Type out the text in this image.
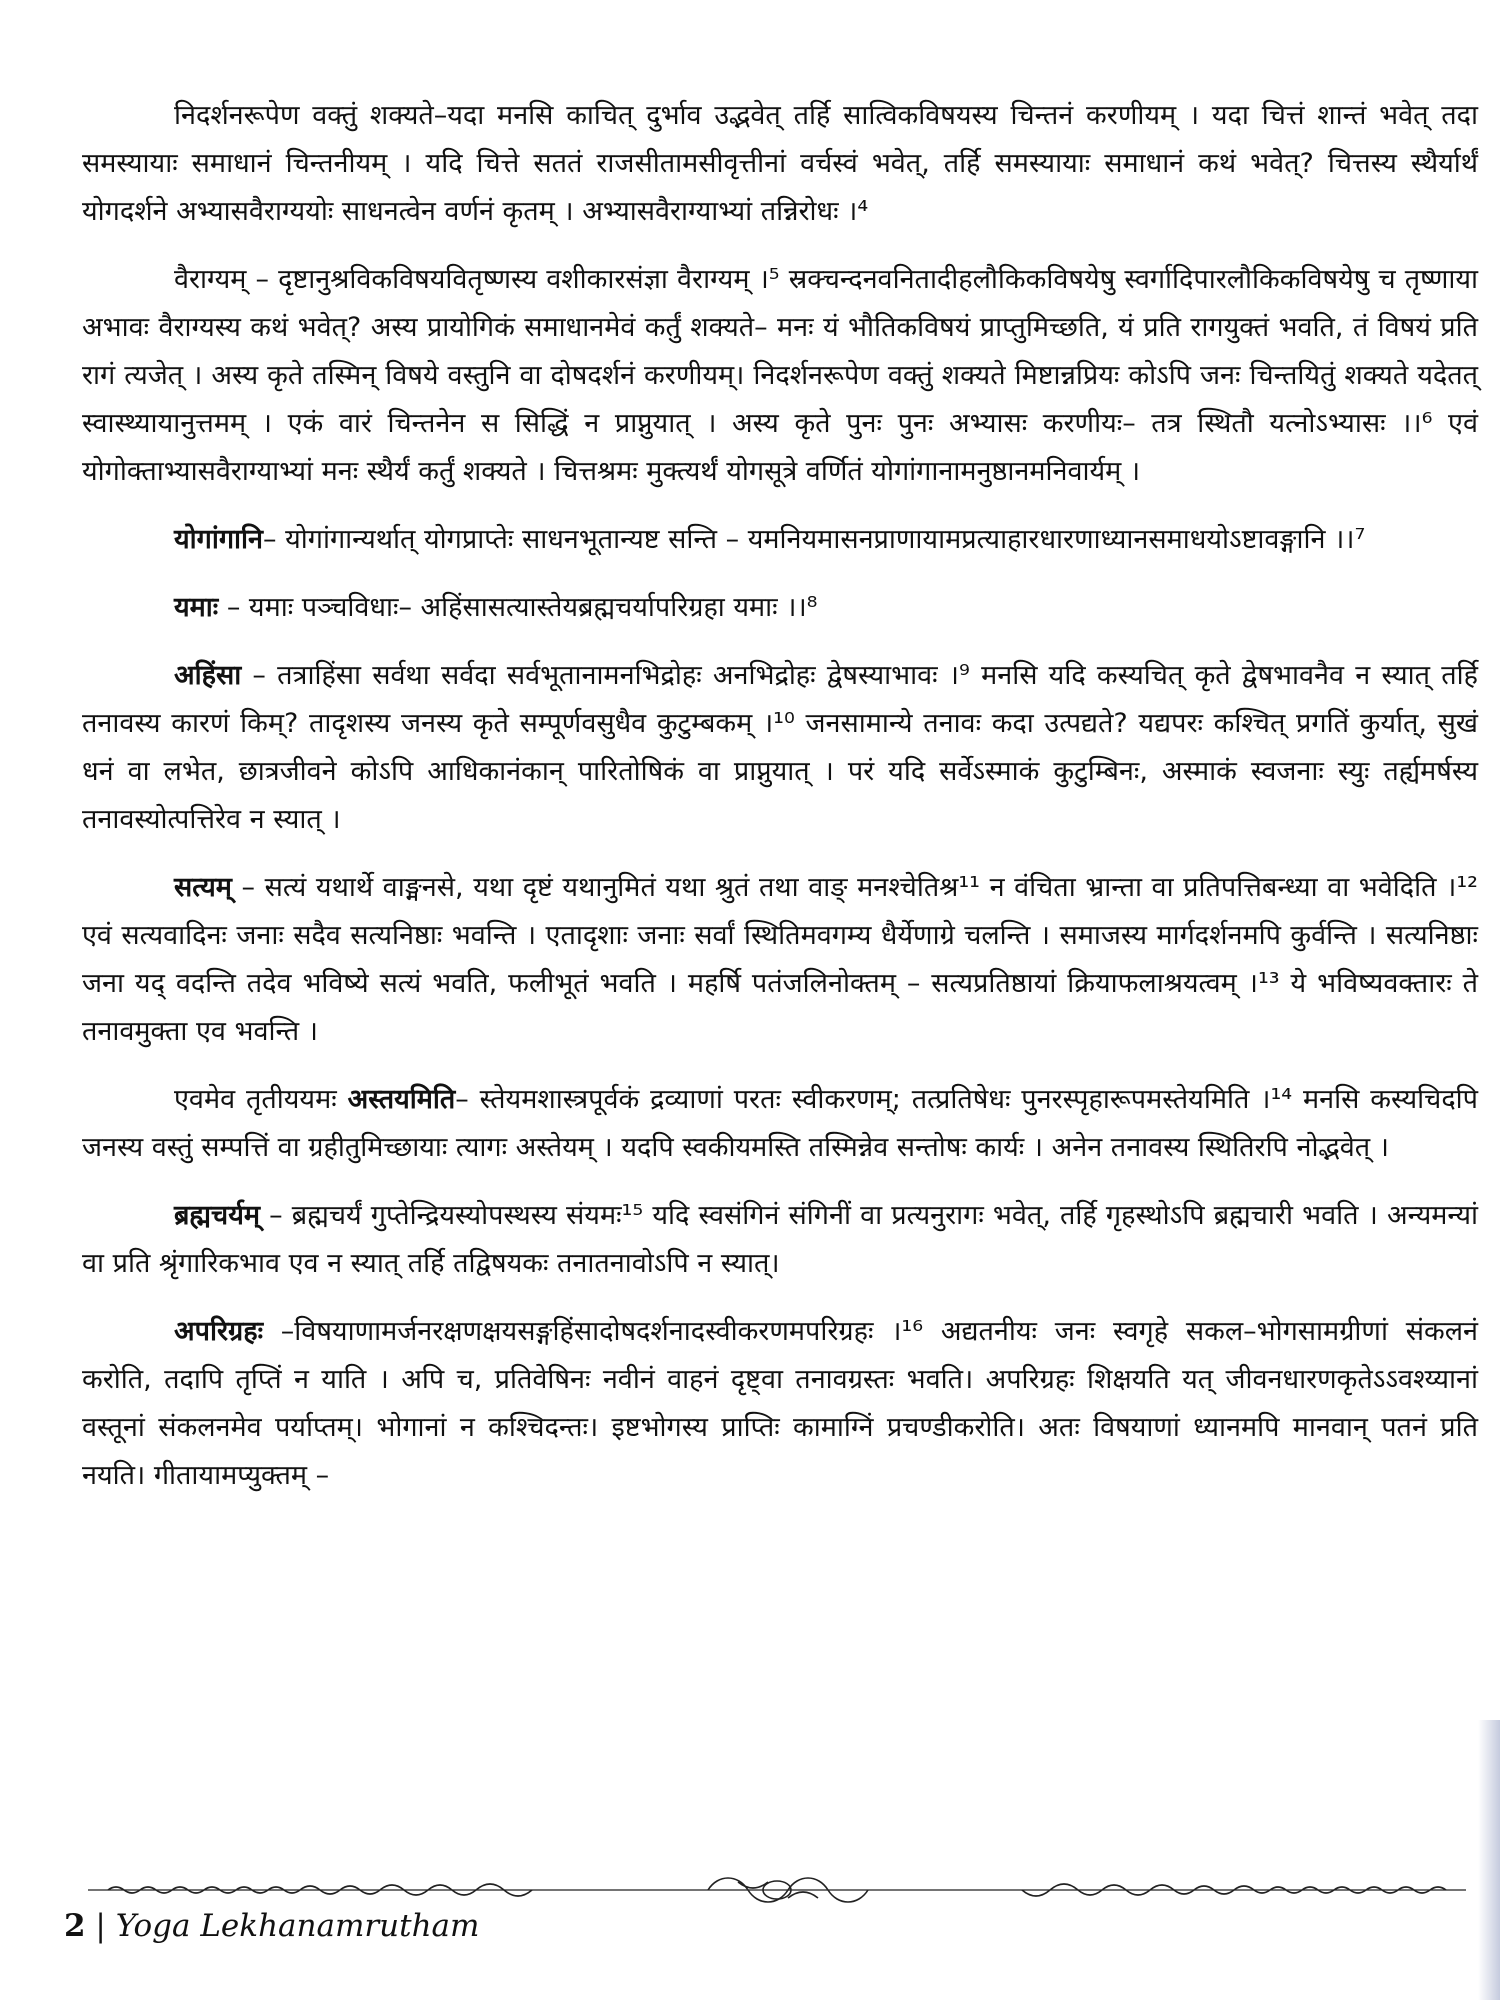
निदर्शनरूपेण वक्तुं शक्यते–यदा मनसि काचित् दुर्भाव उद्भवेत् तर्हि सात्विकविषयस्य चिन्तनं करणीयम् । यदा चित्तं शान्तं भवेत् तदा समस्यायाः समाधानं चिन्तनीयम् । यदि चित्ते सततं राजसीतामसीवृत्तीनां वर्चस्वं भवेत्, तर्हि समस्यायाः समाधानं कथं भवेत्? चित्तस्य स्थैर्यार्थं योगदर्शने अभ्यासवैराग्ययोः साधनत्वेन वर्णनं कृतम् । अभ्यासवैराग्याभ्यां तन्निरोधः ।⁴

वैराग्यम् – दृष्टानुश्रविकविषयवितृष्णस्य वशीकारसंज्ञा वैराग्यम् ।⁵ स्रक्चन्दनवनितादीहलौकिकविषयेषु स्वर्गादिपारलौकिकविषयेषु च तृष्णाया अभावः वैराग्यस्य कथं भवेत्? अस्य प्रायोगिकं समाधानमेवं कर्तुं शक्यते– मनः यं भौतिकविषयं प्राप्तुमिच्छति, यं प्रति रागयुक्तं भवति, तं विषयं प्रति रागं त्यजेत् । अस्य कृते तस्मिन् विषये वस्तुनि वा दोषदर्शनं करणीयम्। निदर्शनरूपेण वक्तुं शक्यते मिष्टान्नप्रियः कोऽपि जनः चिन्तयितुं शक्यते यदेतत् स्वास्थ्यायानुत्तमम् । एकं वारं चिन्तनेन स सिद्धिं न प्राप्नुयात् । अस्य कृते पुनः पुनः अभ्यासः करणीयः– तत्र स्थितौ यत्नोऽभ्यासः ।।⁶ एवं योगोक्ताभ्यासवैराग्याभ्यां मनः स्थैर्यं कर्तुं शक्यते । चित्तश्रमः मुक्त्यर्थं योगसूत्रे वर्णितं योगांगानामनुष्ठानमनिवार्यम् ।

योगांगानि– योगांगान्यर्थात् योगप्राप्तेः साधनभूतान्यष्ट सन्ति – यमनियमासनप्राणायामप्रत्याहारधारणाध्यानसमाधयोऽष्टावङ्गानि ।।⁷

यमाः – यमाः पञ्चविधाः– अहिंसासत्यास्तेयब्रह्मचर्यापरिग्रहा यमाः ।।⁸

अहिंसा – तत्राहिंसा सर्वथा सर्वदा सर्वभूतानामनभिद्रोहः अनभिद्रोहः द्वेषस्याभावः ।⁹ मनसि यदि कस्यचित् कृते द्वेषभावनैव न स्यात् तर्हि तनावस्य कारणं किम्? तादृशस्य जनस्य कृते सम्पूर्णवसुधैव कुटुम्बकम् ।¹⁰ जनसामान्ये तनावः कदा उत्पद्यते? यद्यपरः कश्चित् प्रगतिं कुर्यात्, सुखं धनं वा लभेत, छात्रजीवने कोऽपि आधिकानंकान् पारितोषिकं वा प्राप्नुयात् । परं यदि सर्वेऽस्माकं कुटुम्बिनः, अस्माकं स्वजनाः स्युः तर्ह्यमर्षस्य तनावस्योत्पत्तिरेव न स्यात् ।

सत्यम् – सत्यं यथार्थे वाङ्मनसे, यथा दृष्टं यथानुमितं यथा श्रुतं तथा वाङ् मनश्चेतिश्र¹¹ न वंचिता भ्रान्ता वा प्रतिपत्तिबन्ध्या वा भवेदिति ।¹² एवं सत्यवादिनः जनाः सदैव सत्यनिष्ठाः भवन्ति । एतादृशाः जनाः सर्वां स्थितिमवगम्य धैर्येणाग्रे चलन्ति । समाजस्य मार्गदर्शनमपि कुर्वन्ति । सत्यनिष्ठाः जना यद् वदन्ति तदेव भविष्ये सत्यं भवति, फलीभूतं भवति । महर्षि पतंजलिनोक्तम् – सत्यप्रतिष्ठायां क्रियाफलाश्रयत्वम् ।¹³ ये भविष्यवक्तारः ते तनावमुक्ता एव भवन्ति ।

एवमेव तृतीययमः अस्तयमिति– स्तेयमशास्त्रपूर्वकं द्रव्याणां परतः स्वीकरणम्; तत्प्रतिषेधः पुनरस्पृहारूपमस्तेयमिति ।¹⁴ मनसि कस्यचिदपि जनस्य वस्तुं सम्पत्तिं वा ग्रहीतुमिच्छायाः त्यागः अस्तेयम् । यदपि स्वकीयमस्ति तस्मिन्नेव सन्तोषः कार्यः । अनेन तनावस्य स्थितिरपि नोद्भवेत् ।

ब्रह्मचर्यम् – ब्रह्मचर्यं गुप्तेन्द्रियस्योपस्थस्य संयमः¹⁵ यदि स्वसंगिनं संगिनीं वा प्रत्यनुरागः भवेत्, तर्हि गृहस्थोऽपि ब्रह्मचारी भवति । अन्यमन्यां वा प्रति श्रृंगारिकभाव एव न स्यात् तर्हि तद्विषयकः तनातनावोऽपि न स्यात्।

अपरिग्रहः –विषयाणामर्जनरक्षणक्षयसङ्गहिंसादोषदर्शनादस्वीकरणमपरिग्रहः ।¹⁶ अद्यतनीयः जनः स्वगृहे सकल–भोगसामग्रीणां संकलनं करोति, तदापि तृप्तिं न याति । अपि च, प्रतिवेषिनः नवीनं वाहनं दृष्ट्वा तनावग्रस्तः भवति। अपरिग्रहः शिक्षयति यत् जीवनधारणकृतेऽऽवश्य्यानां वस्तूनां संकलनमेव पर्याप्तम्। भोगानां न कश्चिदन्तः। इष्टभोगस्य प्राप्तिः कामाग्निं प्रचण्डीकरोति। अतः विषयाणां ध्यानमपि मानवान् पतनं प्रति नयति। गीतायामप्युक्तम् –

2 | Yoga Lekhanamrutham
